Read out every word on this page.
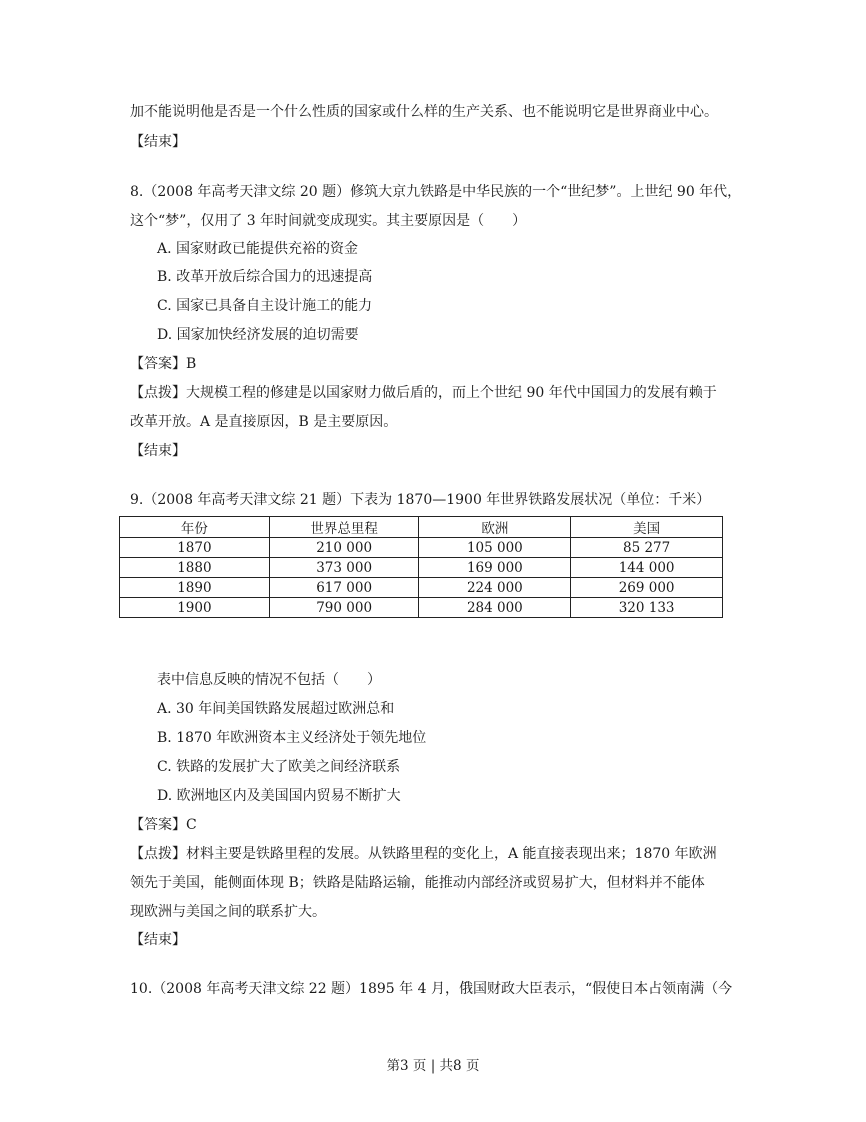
加不能说明他是否是一个什么性质的国家或什么样的生产关系、也不能说明它是世界商业中心。
【结束】
8.（2008 年高考天津文综 20 题）修筑大京九铁路是中华民族的一个“世纪梦”。上世纪 90 年代，
这个“梦”，仅用了 3 年时间就变成现实。其主要原因是（　　）
A. 国家财政已能提供充裕的资金
B. 改革开放后综合国力的迅速提高
C. 国家已具备自主设计施工的能力
D. 国家加快经济发展的迫切需要
【答案】B
【点拨】大规模工程的修建是以国家财力做后盾的，而上个世纪 90 年代中国国力的发展有赖于
改革开放。A 是直接原因，B 是主要原因。
【结束】
9.（2008 年高考天津文综 21 题）下表为 1870—1900 年世界铁路发展状况（单位：千米）
年份	世界总里程	欧洲	美国
1870	210 000	105 000	85 277
1880	373 000	169 000	144 000
1890	617 000	224 000	269 000
1900	790 000	284 000	320 133
表中信息反映的情况不包括（　　）
A. 30 年间美国铁路发展超过欧洲总和
B. 1870 年欧洲资本主义经济处于领先地位
C. 铁路的发展扩大了欧美之间经济联系
D. 欧洲地区内及美国国内贸易不断扩大
【答案】C
【点拨】材料主要是铁路里程的发展。从铁路里程的变化上，A 能直接表现出来；1870 年欧洲
领先于美国，能侧面体现 B；铁路是陆路运输，能推动内部经济或贸易扩大，但材料并不能体
现欧洲与美国之间的联系扩大。
【结束】
10.（2008 年高考天津文综 22 题）1895 年 4 月，俄国财政大臣表示，“假使日本占领南满（今
第3 页 | 共8 页
